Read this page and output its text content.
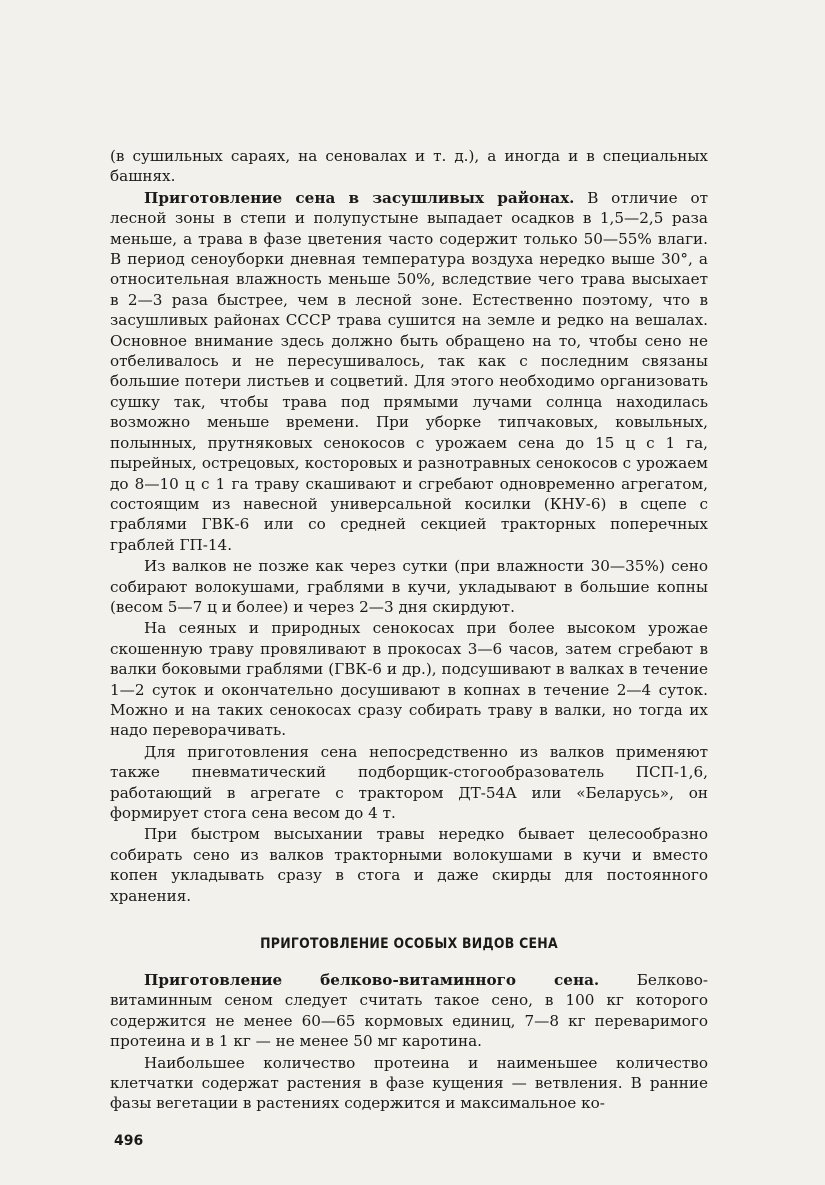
(в сушильных сараях, на сеновалах и т. д.), а иногда и в специальных башнях.

Приготовление сена в засушливых районах. В отличие от лесной зоны в степи и полупустыне выпадает осадков в 1,5—2,5 раза меньше, а трава в фазе цветения часто содержит только 50—55% влаги. В период сеноуборки дневная температура воздуха нередко выше 30°, а относительная влажность меньше 50%, вследствие чего трава высыхает в 2—3 раза быстрее, чем в лесной зоне. Естественно поэтому, что в засушливых районах СССР трава сушится на земле и редко на вешалах. Основное внимание здесь должно быть обращено на то, чтобы сено не отбеливалось и не пересушивалось, так как с последним связаны большие потери листьев и соцветий. Для этого необходимо организовать сушку так, чтобы трава под прямыми лучами солнца находилась возможно меньше времени. При уборке типчаковых, ковыльных, полынных, прутняковых сенокосов с урожаем сена до 15 ц с 1 га, пырейных, острецовых, косторовых и разнотравных сенокосов с урожаем до 8—10 ц с 1 га траву скашивают и сгребают одновременно агрегатом, состоящим из навесной универсальной косилки (КНУ-6) в сцепе с граблями ГВК-6 или со средней секцией тракторных поперечных граблей ГП-14.

Из валков не позже как через сутки (при влажности 30—35%) сено собирают волокушами, граблями в кучи, укладывают в большие копны (весом 5—7 ц и более) и через 2—3 дня скирдуют.

На сеяных и природных сенокосах при более высоком урожае скошенную траву провяливают в прокосах 3—6 часов, затем сгребают в валки боковыми граблями (ГВК-6 и др.), подсушивают в валках в течение 1—2 суток и окончательно досушивают в копнах в течение 2—4 суток. Можно и на таких сенокосах сразу собирать траву в валки, но тогда их надо переворачивать.

Для приготовления сена непосредственно из валков применяют также пневматический подборщик-стогообразователь ПСП-1,6, работающий в агрегате с трактором ДТ-54А или «Беларусь», он формирует стога сена весом до 4 т.

При быстром высыхании травы нередко бывает целесообразно собирать сено из валков тракторными волокушами в кучи и вместо копен укладывать сразу в стога и даже скирды для постоянного хранения.

ПРИГОТОВЛЕНИЕ ОСОБЫХ ВИДОВ СЕНА

Приготовление белково-витаминного сена. Белково-витаминным сеном следует считать такое сено, в 100 кг которого содержится не менее 60—65 кормовых единиц, 7—8 кг переваримого протеина и в 1 кг — не менее 50 мг каротина.

Наибольшее количество протеина и наименьшее количество клетчатки содержат растения в фазе кущения — ветвления. В ранние фазы вегетации в растениях содержится и максимальное ко-

496
